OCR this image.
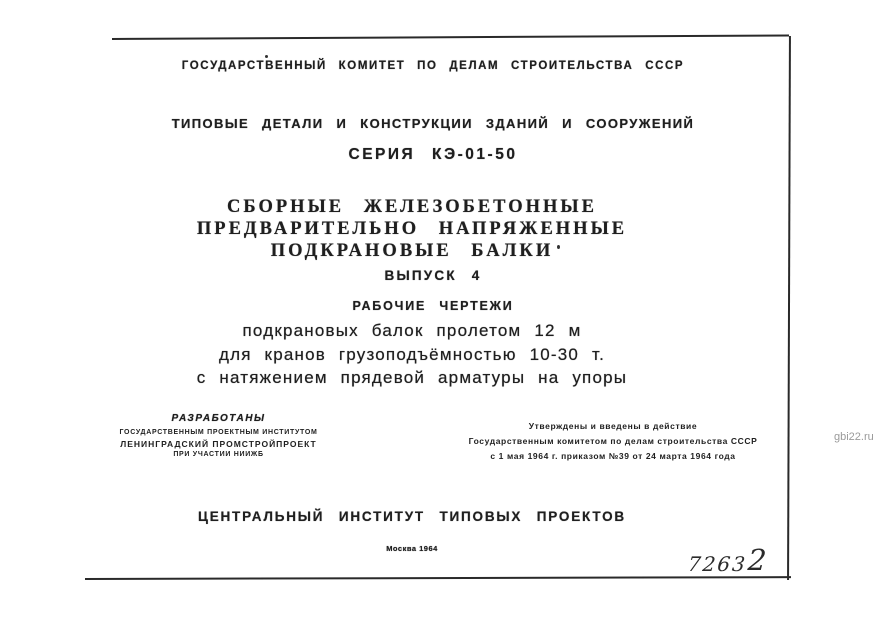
ГОСУДАРСТВЕННЫЙ КОМИТЕТ ПО ДЕЛАМ СТРОИТЕЛЬСТВА СССР
ТИПОВЫЕ ДЕТАЛИ И КОНСТРУКЦИИ ЗДАНИЙ И СООРУЖЕНИЙ
СЕРИЯ КЭ-01-50
СБОРНЫЕ ЖЕЛЕЗОБЕТОННЫЕ
ПРЕДВАРИТЕЛЬНО НАПРЯЖЕННЫЕ
ПОДКРАНОВЫЕ БАЛКИ
ВЫПУСК 4
РАБОЧИЕ ЧЕРТЕЖИ
подкрановых балок пролетом 12 м
для кранов грузоподъёмностью 10-30 т.
с натяжением прядевой арматуры на упоры
РАЗРАБОТАНЫ
ГОСУДАРСТВЕННЫМ ПРОЕКТНЫМ ИНСТИТУТОМ
ЛЕНИНГРАДСКИЙ ПРОМСТРОЙПРОЕКТ
ПРИ УЧАСТИИ НИИЖБ
Утверждены и введены в действие
Государственным комитетом по делам строительства СССР
с 1 мая 1964 г. приказом №39 от 24 марта 1964 года
ЦЕНТРАЛЬНЫЙ ИНСТИТУТ ТИПОВЫХ ПРОЕКТОВ
Москва 1964
7263
2
gbi22.ru
